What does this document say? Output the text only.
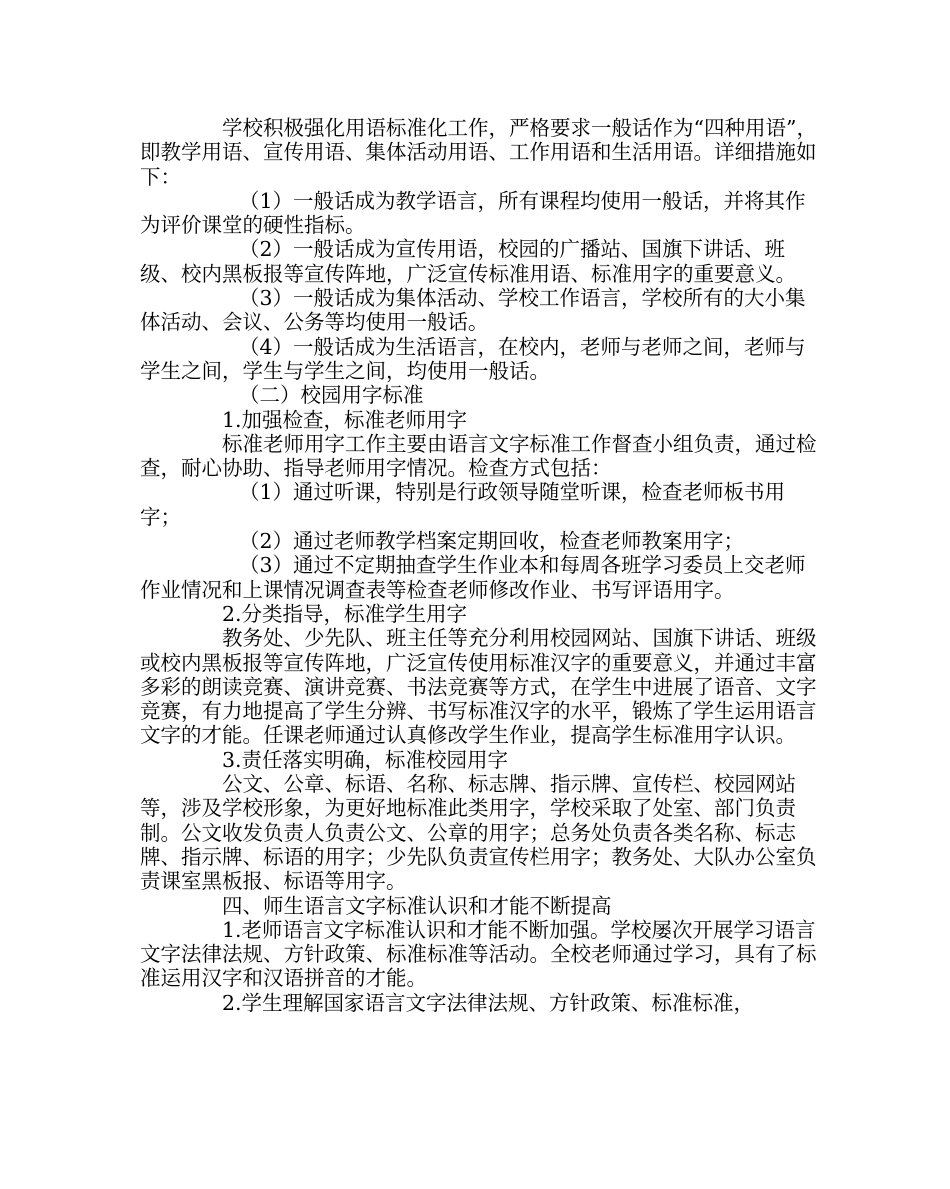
学校积极强化用语标准化工作，严格要求一般话作为“四种用语”，即教学用语、宣传用语、集体活动用语、工作用语和生活用语。详细措施如下：

（1）一般话成为教学语言，所有课程均使用一般话，并将其作为评价课堂的硬性指标。

（2）一般话成为宣传用语，校园的广播站、国旗下讲话、班级、校内黑板报等宣传阵地，广泛宣传标准用语、标准用字的重要意义。

（3）一般话成为集体活动、学校工作语言，学校所有的大小集体活动、会议、公务等均使用一般话。

（4）一般话成为生活语言，在校内，老师与老师之间，老师与学生之间，学生与学生之间，均使用一般话。

（二）校园用字标准

1.加强检查，标准老师用字

标准老师用字工作主要由语言文字标准工作督查小组负责，通过检查，耐心协助、指导老师用字情况。检查方式包括：

（1）通过听课，特别是行政领导随堂听课，检查老师板书用字；

（2）通过老师教学档案定期回收，检查老师教案用字；

（3）通过不定期抽查学生作业本和每周各班学习委员上交老师作业情况和上课情况调查表等检查老师修改作业、书写评语用字。

2.分类指导，标准学生用字

教务处、少先队、班主任等充分利用校园网站、国旗下讲话、班级或校内黑板报等宣传阵地，广泛宣传使用标准汉字的重要意义，并通过丰富多彩的朗读竞赛、演讲竞赛、书法竞赛等方式，在学生中进展了语音、文字竞赛，有力地提高了学生分辨、书写标准汉字的水平，锻炼了学生运用语言文字的才能。任课老师通过认真修改学生作业，提高学生标准用字认识。

3.责任落实明确，标准校园用字

公文、公章、标语、名称、标志牌、指示牌、宣传栏、校园网站等，涉及学校形象，为更好地标准此类用字，学校采取了处室、部门负责制。公文收发负责人负责公文、公章的用字；总务处负责各类名称、标志牌、指示牌、标语的用字；少先队负责宣传栏用字；教务处、大队办公室负责课室黑板报、标语等用字。

四、师生语言文字标准认识和才能不断提高

1.老师语言文字标准认识和才能不断加强。学校屡次开展学习语言文字法律法规、方针政策、标准标准等活动。全校老师通过学习，具有了标准运用汉字和汉语拼音的才能。

2.学生理解国家语言文字法律法规、方针政策、标准标准，
